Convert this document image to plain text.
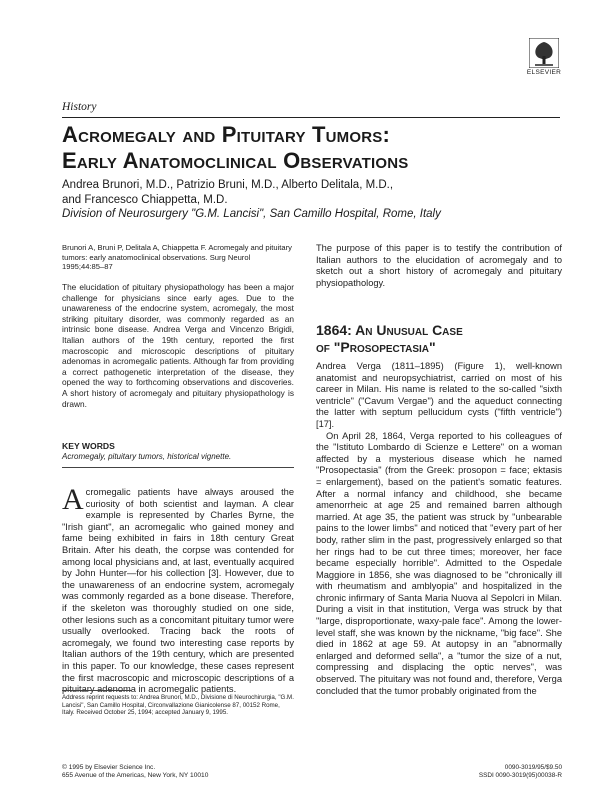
ELSEVIER
History
Acromegaly and Pituitary Tumors:
Early Anatomoclinical Observations
Andrea Brunori, M.D., Patrizio Bruni, M.D., Alberto Delitala, M.D.,
and Francesco Chiappetta, M.D.
Division of Neurosurgery "G.M. Lancisi", San Camillo Hospital, Rome, Italy
Brunori A, Bruni P, Delitala A, Chiappetta F. Acromegaly and pituitary tumors: early anatomoclinical observations. Surg Neurol 1995;44:85–87
The elucidation of pituitary physiopathology has been a major challenge for physicians since early ages. Due to the unawareness of the endocrine system, acromegaly, the most striking pituitary disorder, was commonly regarded as an intrinsic bone disease. Andrea Verga and Vincenzo Brigidi, Italian authors of the 19th century, reported the first macroscopic and microscopic descriptions of pituitary adenomas in acromegalic patients. Although far from providing a correct pathogenetic interpretation of the disease, they opened the way to forthcoming observations and discoveries. A short history of acromegaly and pituitary physiopathology is drawn.
KEY WORDS
Acromegaly, pituitary tumors, historical vignette.
Acromegalic patients have always aroused the curiosity of both scientist and layman. A clear example is represented by Charles Byrne, the "Irish giant", an acromegalic who gained money and fame being exhibited in fairs in 18th century Great Britain. After his death, the corpse was contended for among local physicians and, at last, eventually acquired by John Hunter—for his collection [3]. However, due to the unawareness of an endocrine system, acromegaly was commonly regarded as a bone disease. Therefore, if the skeleton was thoroughly studied on one side, other lesions such as a concomitant pituitary tumor were usually overlooked. Tracing back the roots of acromegaly, we found two interesting case reports by Italian authors of the 19th century, which are presented in this paper. To our knowledge, these cases represent the first macroscopic and microscopic descriptions of a pituitary adenoma in acromegalic patients.
Address reprint requests to: Andrea Brunori, M.D., Divisione di Neurochirurgia, "G.M. Lancisi", San Camillo Hospital, Circonvallazione Gianicolense 87, 00152 Rome, Italy. Received October 25, 1994; accepted January 9, 1995.
© 1995 by Elsevier Science Inc.
655 Avenue of the Americas, New York, NY 10010
The purpose of this paper is to testify the contribution of Italian authors to the elucidation of acromegaly and to sketch out a short history of acromegaly and pituitary physiopathology.
1864: An Unusual Case
of "Prosopectasia"

Andrea Verga (1811–1895) (Figure 1), well-known anatomist and neuropsychiatrist, carried on most of his career in Milan. His name is related to the so-called "sixth ventricle" ("Cavum Vergae") and the aqueduct connecting the latter with septum pellucidum cysts ("fifth ventricle") [17].

On April 28, 1864, Verga reported to his colleagues of the "Istituto Lombardo di Scienze e Lettere" on a woman affected by a mysterious disease which he named "Prosopectasia" (from the Greek: prosopon = face; ektasis = enlargement), based on the patient's somatic features. After a normal infancy and childhood, she became amenorrheic at age 25 and remained barren although married. At age 35, the patient was struck by "unbearable pains to the lower limbs" and noticed that "every part of her body, rather slim in the past, progressively enlarged so that her rings had to be cut three times; moreover, her face became especially horrible". Admitted to the Ospedale Maggiore in 1856, she was diagnosed to be "chronically ill with rheumatism and amblyopia" and hospitalized in the chronic infirmary of Santa Maria Nuova al Sepolcri in Milan. During a visit in that institution, Verga was struck by that "large, disproportionate, waxy-pale face". Among the lower-level staff, she was known by the nickname, "big face". She died in 1862 at age 59. At autopsy in an "abnormally enlarged and deformed sella", a "tumor the size of a nut, compressing and displacing the optic nerves", was observed. The pituitary was not found and, therefore, Verga concluded that the tumor probably originated from the

0090-3019/95/$9.50
SSDI 0090-3019(95)00038-R
